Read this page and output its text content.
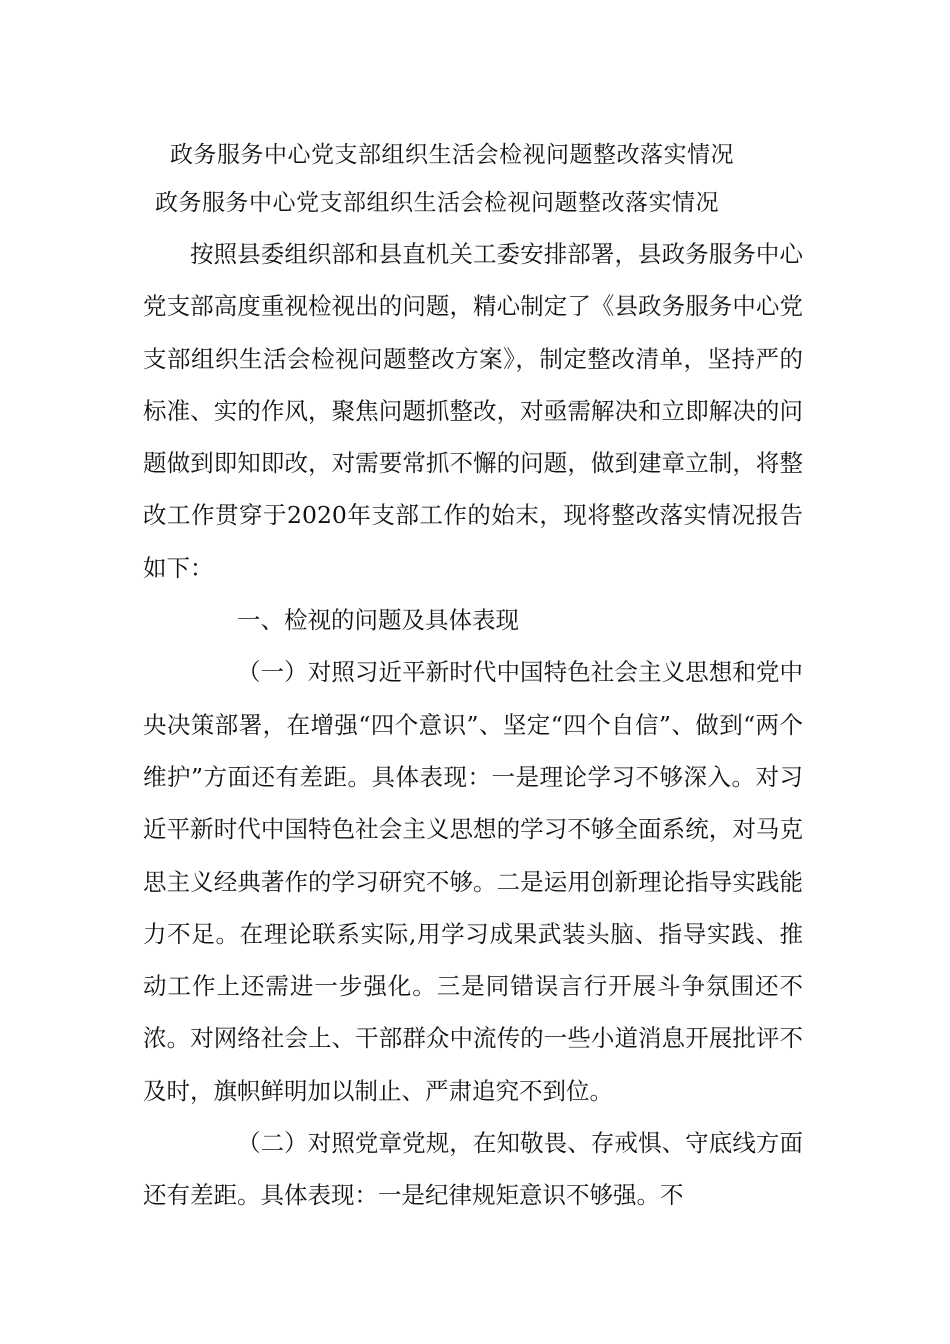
政务服务中心党支部组织生活会检视问题整改落实情况
政务服务中心党支部组织生活会检视问题整改落实情况

按照县委组织部和县直机关工委安排部署，县政务服务中心党支部高度重视检视出的问题，精心制定了《县政务服务中心党支部组织生活会检视问题整改方案》，制定整改清单，坚持严的标准、实的作风，聚焦问题抓整改，对亟需解决和立即解决的问题做到即知即改，对需要常抓不懈的问题，做到建章立制，将整改工作贯穿于2020年支部工作的始末，现将整改落实情况报告如下：

一、检视的问题及具体表现

（一）对照习近平新时代中国特色社会主义思想和党中央决策部署，在增强“四个意识”、坚定“四个自信”、做到“两个维护”方面还有差距。具体表现：一是理论学习不够深入。对习近平新时代中国特色社会主义思想的学习不够全面系统，对马克思主义经典著作的学习研究不够。二是运用创新理论指导实践能力不足。在理论联系实际,用学习成果武装头脑、指导实践、推动工作上还需进一步强化。三是同错误言行开展斗争氛围还不浓。对网络社会上、干部群众中流传的一些小道消息开展批评不及时，旗帜鲜明加以制止、严肃追究不到位。

（二）对照党章党规，在知敬畏、存戒惧、守底线方面还有差距。具体表现：一是纪律规矩意识不够强。不
